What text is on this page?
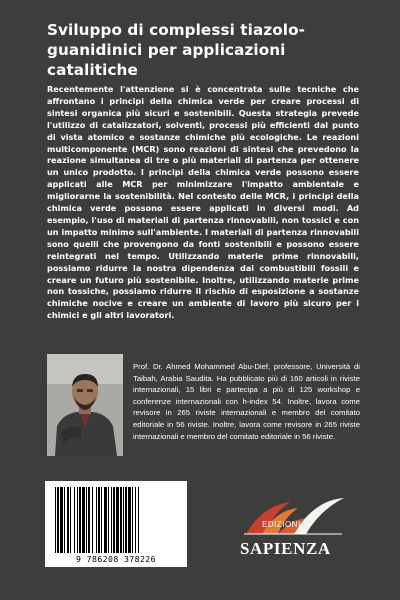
Sviluppo di complessi tiazolo-
guanidinici per applicazioni
catalitiche
Recentemente l'attenzione si è concentrata sulle tecniche che affrontano i principi della chimica verde per creare processi di sintesi organica più sicuri e sostenibili. Questa strategia prevede l'utilizzo di catalizzatori, solventi, processi più efficienti dal punto di vista atomico e sostanze chimiche più ecologiche. Le reazioni multicomponente (MCR) sono reazioni di sintesi che prevedono la reazione simultanea di tre o più materiali di partenza per ottenere un unico prodotto. I principi della chimica verde possono essere applicati alle MCR per minimizzare l'impatto ambientale e migliorarne la sostenibilità. Nel contesto delle MCR, i principi della chimica verde possono essere applicati in diversi modi. Ad esempio, l'uso di materiali di partenza rinnovabili, non tossici e con un impatto minimo sull'ambiente. I materiali di partenza rinnovabili sono quelli che provengono da fonti sostenibili e possono essere reintegrati nel tempo. Utilizzando materie prime rinnovabili, possiamo ridurre la nostra dipendenza dai combustibili fossili e creare un futuro più sostenibile. Inoltre, utilizzando materie prime non tossiche, possiamo ridurre il rischio di esposizione a sostanze chimiche nocive e creare un ambiente di lavoro più sicuro per i chimici e gli altri lavoratori.
Prof. Dr. Ahmed Mohammed Abu-Dief, professore, Università di Taibah, Arabia Saudita. Ha pubblicato più di 160 articoli in riviste internazionali, 15 libri e partecipa a più di 125 workshop e conferenze internazionali con h-index 54. Inoltre, lavora come revisore in 265 riviste internazionali e membro del comitato editoriale in 56 riviste. Inoltre, lavora come revisore in 265 riviste internazionali e membro del comitato editoriale in 56 riviste.
9 786208 378226
EDIZIONI
SAPIENZA
